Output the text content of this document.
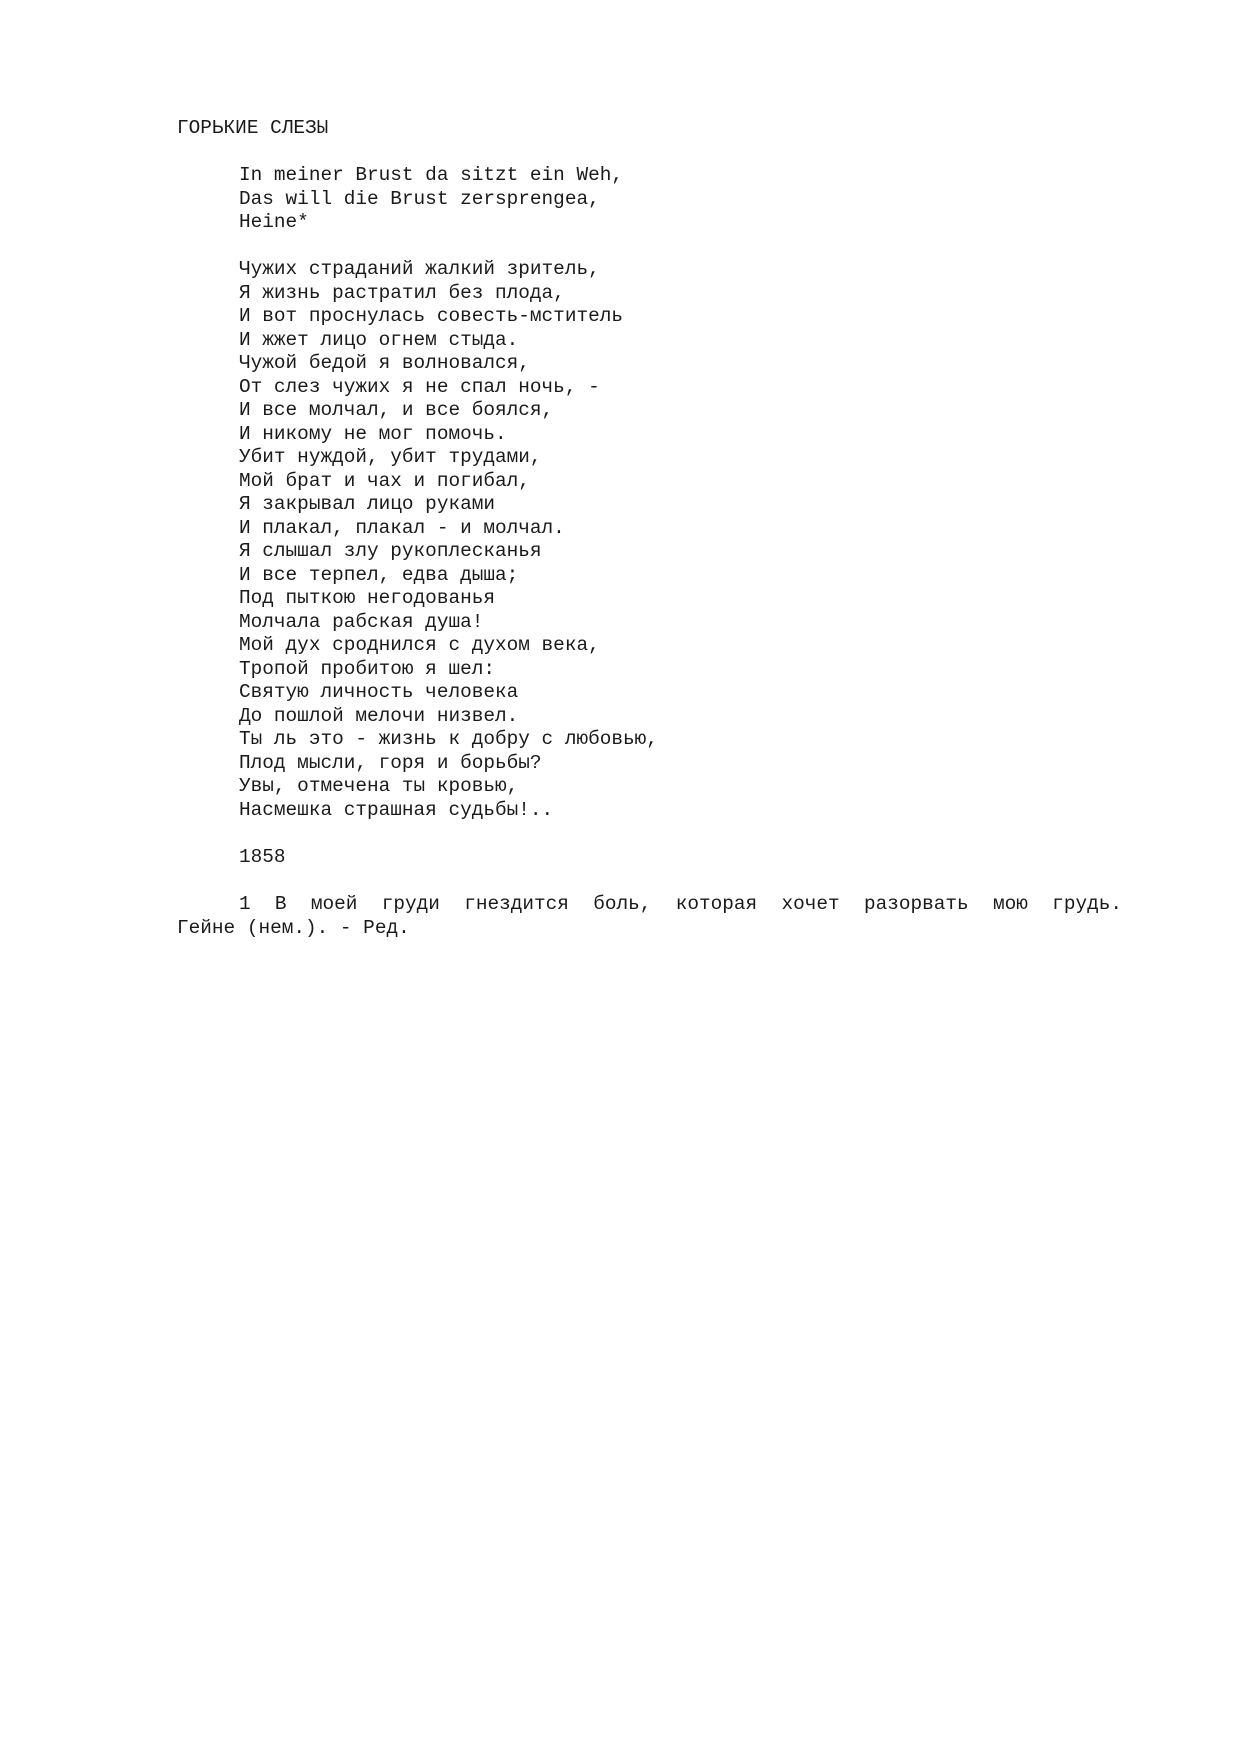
ГОРЬКИЕ СЛЕЗЫ
In meiner Brust da sitzt ein Weh,
Das will die Brust zersprengea,
Heine*
Чужих страданий жалкий зритель,
Я жизнь растратил без плода,
И вот проснулась совесть-мститель
И жжет лицо огнем стыда.
Чужой бедой я волновался,
От слез чужих я не спал ночь, -
И все молчал, и все боялся,
И никому не мог помочь.
Убит нуждой, убит трудами,
Мой брат и чах и погибал,
Я закрывал лицо руками
И плакал, плакал - и молчал.
Я слышал злу рукоплесканья
И все терпел, едва дыша;
Под пыткою негодованья
Молчала рабская душа!
Мой дух сроднился с духом века,
Тропой пробитою я шел:
Святую личность человека
До пошлой мелочи низвел.
Ты ль это - жизнь к добру с любовью,
Плод мысли, горя и борьбы?
Увы, отмечена ты кровью,
Насмешка страшная судьбы!..
1858
1 В моей груди гнездится боль, которая хочет разорвать мою грудь.
Гейне (нем.). - Ред.
